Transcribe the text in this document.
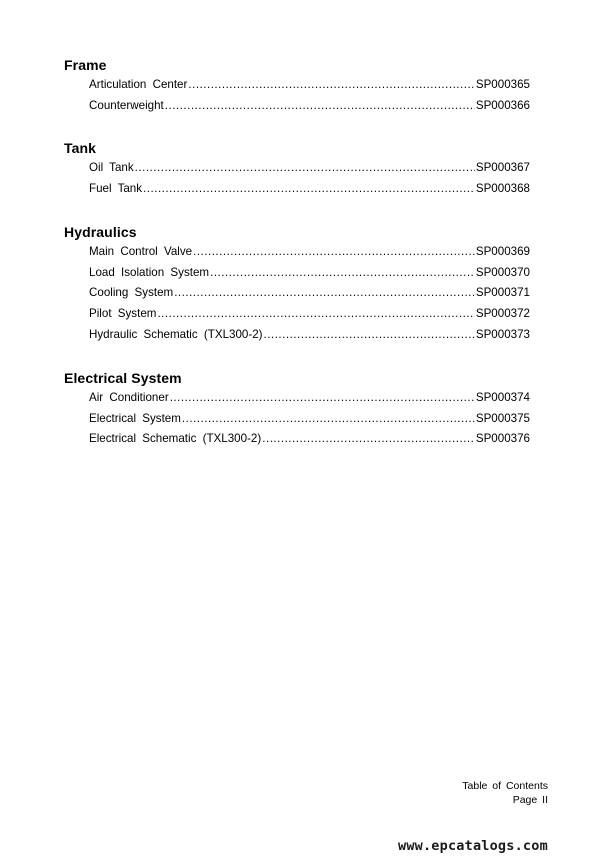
Frame
Articulation Center .....	SP000365
Counterweight .....	SP000366
Tank
Oil Tank .....	SP000367
Fuel Tank .....	SP000368
Hydraulics
Main Control Valve .....	SP000369
Load Isolation System .....	SP000370
Cooling System .....	SP000371
Pilot System .....	SP000372
Hydraulic Schematic (TXL300-2) .....	SP000373
Electrical System
Air Conditioner .....	SP000374
Electrical System .....	SP000375
Electrical Schematic (TXL300-2) .....	SP000376
Table of Contents
Page II
www.epcatalogs.com
